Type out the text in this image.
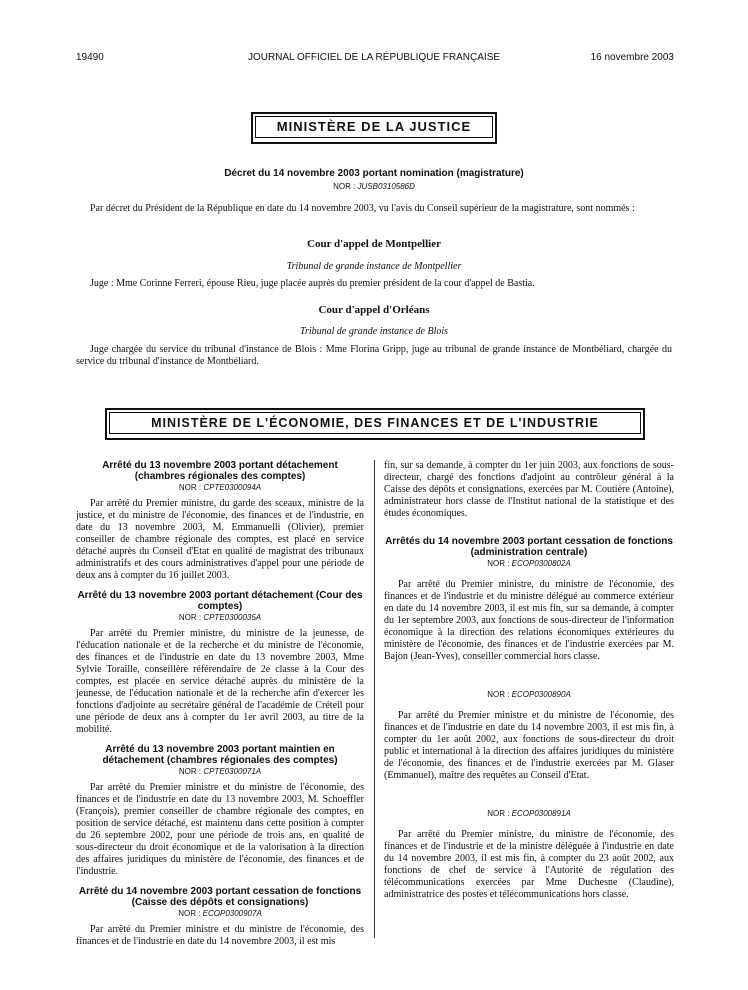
19490	JOURNAL OFFICIEL DE LA RÉPUBLIQUE FRANÇAISE	16 novembre 2003
MINISTÈRE DE LA JUSTICE
Décret du 14 novembre 2003 portant nomination (magistrature)
NOR : JUSB0310586D

Par décret du Président de la République en date du 14 novembre 2003, vu l'avis du Conseil supérieur de la magistrature, sont nommés :

Cour d'appel de Montpellier
Tribunal de grande instance de Montpellier

Juge : Mme Corinne Ferreri, épouse Rieu, juge placée auprès du premier président de la cour d'appel de Bastia.

Cour d'appel d'Orléans
Tribunal de grande instance de Blois

Juge chargée du service du tribunal d'instance de Blois : Mme Florina Gripp, juge au tribunal de grande instance de Montbéliard, chargée du service du tribunal d'instance de Montbéliard.

MINISTÈRE DE L'ÉCONOMIE, DES FINANCES ET DE L'INDUSTRIE
Arrêté du 13 novembre 2003 portant détachement (chambres régionales des comptes)
NOR : CPTE0300094A

Par arrêté du Premier ministre, du garde des sceaux, ministre de la justice, et du ministre de l'économie, des finances et de l'industrie, en date du 13 novembre 2003, M. Emmanuelli (Olivier), premier conseiller de chambre régionale des comptes, est placé en service détaché auprès du Conseil d'Etat en qualité de magistrat des tribunaux administratifs et des cours administratives d'appel pour une période de deux ans à compter du 16 juillet 2003.

Arrêté du 13 novembre 2003 portant détachement (Cour des comptes)
NOR : CPTE0300035A

Par arrêté du Premier ministre, du ministre de la jeunesse, de l'éducation nationale et de la recherche et du ministre de l'économie, des finances et de l'industrie en date du 13 novembre 2003, Mme Sylvie Toraille, conseillère référendaire de 2e classe à la Cour des comptes, est placée en service détaché auprès du ministère de la jeunesse, de l'éducation nationale et de la recherche afin d'exercer les fonctions d'adjointe au secrétaire général de l'académie de Créteil pour une période de deux ans à compter du 1er avril 2003, au titre de la mobilité.

Arrêté du 13 novembre 2003 portant maintien en détachement (chambres régionales des comptes)
NOR : CPTE0300071A

Par arrêté du Premier ministre et du ministre de l'économie, des finances et de l'industrie en date du 13 novembre 2003, M. Schoeffler (François), premier conseiller de chambre régionale des comptes, en position de service détaché, est maintenu dans cette position à compter du 26 septembre 2002, pour une période de trois ans, en qualité de sous-directeur du droit économique et de la valorisation à la direction des affaires juridiques du ministère de l'économie, des finances et de l'industrie.

Arrêté du 14 novembre 2003 portant cessation de fonctions (Caisse des dépôts et consignations)
NOR : ECOP0300907A

Par arrêté du Premier ministre et du ministre de l'économie, des finances et de l'industrie en date du 14 novembre 2003, il est mis

fin, sur sa demande, à compter du 1er juin 2003, aux fonctions de sous-directeur, chargé des fonctions d'adjoint au contrôleur général à la Caisse des dépôts et consignations, exercées par M. Coutière (Antoine), administrateur hors classe de l'Institut national de la statistique et des études économiques.

Arrêtés du 14 novembre 2003 portant cessation de fonctions (administration centrale)
NOR : ECOP0300802A

Par arrêté du Premier ministre, du ministre de l'économie, des finances et de l'industrie et du ministre délégué au commerce extérieur en date du 14 novembre 2003, il est mis fin, sur sa demande, à compter du 1er septembre 2003, aux fonctions de sous-directeur de l'information économique à la direction des relations économiques extérieures du ministère de l'économie, des finances et de l'industrie exercées par M. Bajon (Jean-Yves), conseiller commercial hors classe.

NOR : ECOP0300890A

Par arrêté du Premier ministre et du ministre de l'économie, des finances et de l'industrie en date du 14 novembre 2003, il est mis fin, à compter du 1er août 2002, aux fonctions de sous-directeur du droit public et international à la direction des affaires juridiques du ministère de l'économie, des finances et de l'industrie exercées par M. Glaser (Emmanuel), maître des requêtes au Conseil d'Etat.

NOR : ECOP0300891A

Par arrêté du Premier ministre, du ministre de l'économie, des finances et de l'industrie et de la ministre déléguée à l'industrie en date du 14 novembre 2003, il est mis fin, à compter du 23 août 2002, aux fonctions de chef de service à l'Autorité de régulation des télécommunications exercées par Mme Duchesne (Claudine), administratrice des postes et télécommunications hors classe.
